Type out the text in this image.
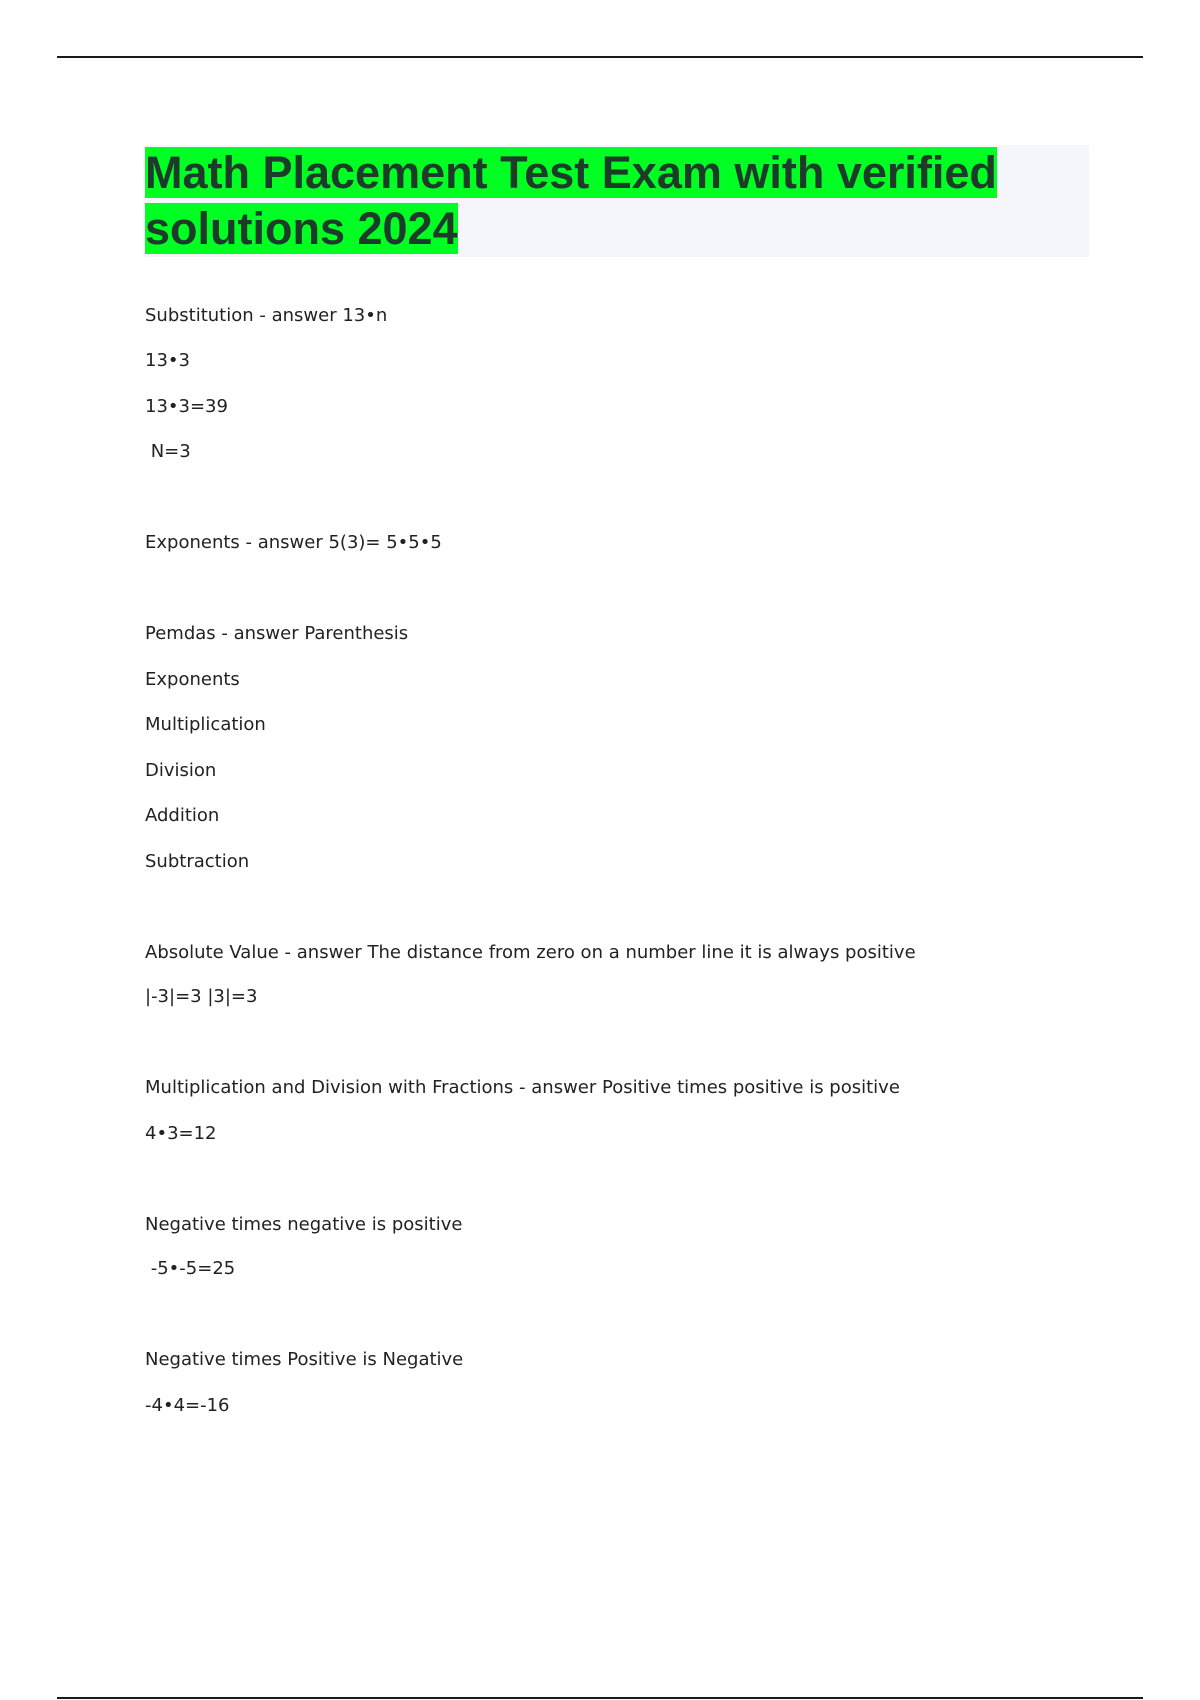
Math Placement Test Exam with verified solutions 2024
Substitution - answer 13•n
13•3
13•3=39
N=3
Exponents - answer 5(3)= 5•5•5
Pemdas - answer Parenthesis
Exponents
Multiplication
Division
Addition
Subtraction
Absolute Value - answer The distance from zero on a number line it is always positive
|-3|=3 |3|=3
Multiplication and Division with Fractions - answer Positive times positive is positive
4•3=12
Negative times negative is positive
-5•-5=25
Negative times Positive is Negative
-4•4=-16
